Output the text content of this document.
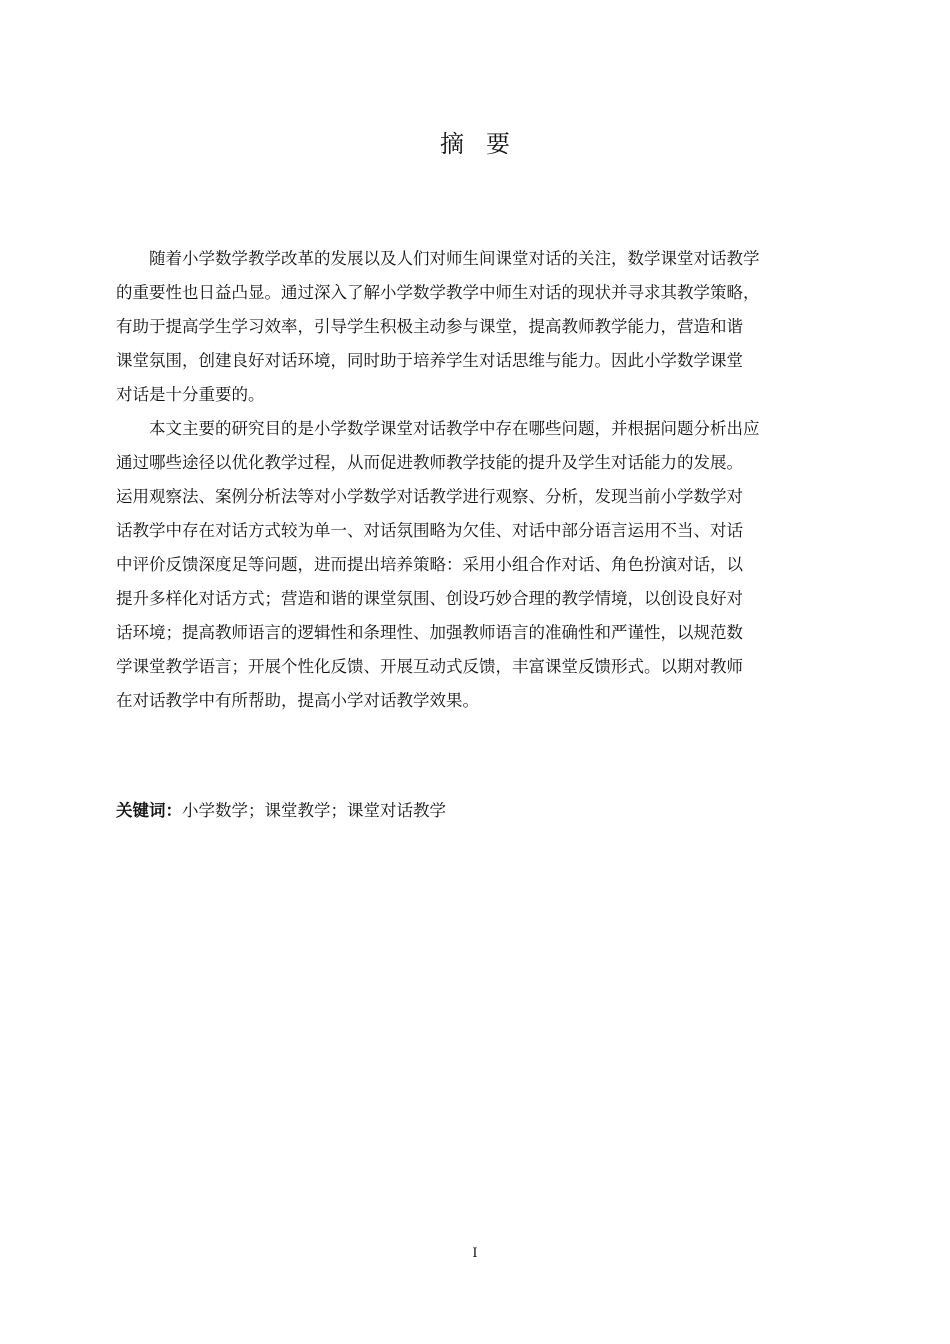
摘要
随着小学数学教学改革的发展以及人们对师生间课堂对话的关注，数学课堂对话教学
的重要性也日益凸显。通过深入了解小学数学教学中师生对话的现状并寻求其教学策略，
有助于提高学生学习效率，引导学生积极主动参与课堂，提高教师教学能力，营造和谐
课堂氛围，创建良好对话环境，同时助于培养学生对话思维与能力。因此小学数学课堂
对话是十分重要的。
本文主要的研究目的是小学数学课堂对话教学中存在哪些问题，并根据问题分析出应
通过哪些途径以优化教学过程，从而促进教师教学技能的提升及学生对话能力的发展。
运用观察法、案例分析法等对小学数学对话教学进行观察、分析，发现当前小学数学对
话教学中存在对话方式较为单一、对话氛围略为欠佳、对话中部分语言运用不当、对话
中评价反馈深度足等问题，进而提出培养策略：采用小组合作对话、角色扮演对话，以
提升多样化对话方式；营造和谐的课堂氛围、创设巧妙合理的教学情境，以创设良好对
话环境；提高教师语言的逻辑性和条理性、加强教师语言的准确性和严谨性，以规范数
学课堂教学语言；开展个性化反馈、开展互动式反馈，丰富课堂反馈形式。以期对教师
在对话教学中有所帮助，提高小学对话教学效果。
关键词：小学数学；课堂教学；课堂对话教学
I
